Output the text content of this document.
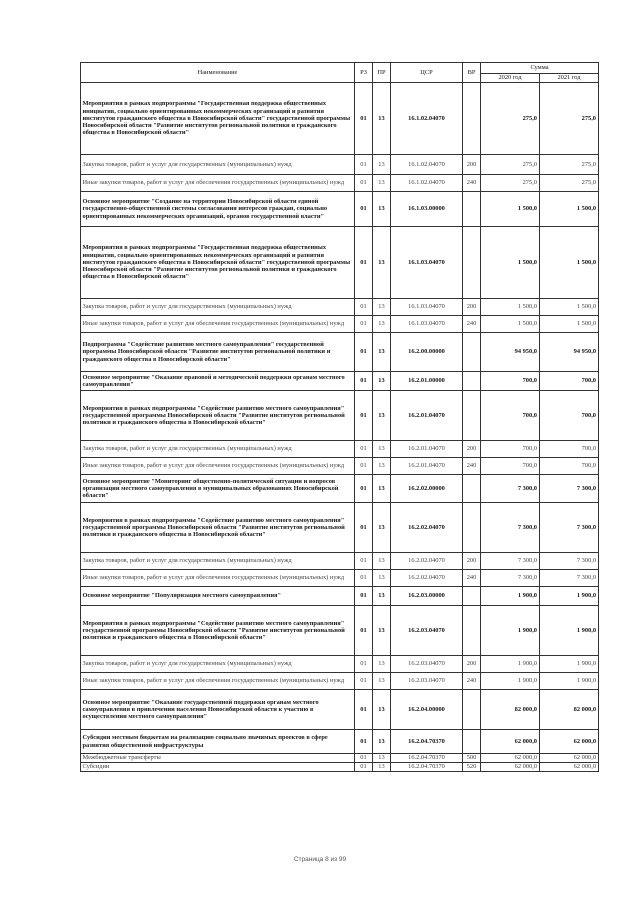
Наименование	РЗ	ПР	ЦСР	ВР	Сумма	
					2020 год	2021 год
Мероприятия в рамках подпрограммы "Государственная поддержка общественных инициатив, социально ориентированных некоммерческих организаций и развития институтов гражданского общества в Новосибирской области" государственной программы Новосибирской области "Развитие институтов региональной политики и гражданского общества в Новосибирской области"	01	13	16.1.02.04070		275,0	275,0
Закупка товаров, работ и услуг для государственных (муниципальных) нужд	01	13	16.1.02.04070	200	275,0	275,0
Иные закупки товаров, работ и услуг для обеспечения государственных (муниципальных) нужд	01	13	16.1.02.04070	240	275,0	275,0
Основное мероприятие "Создание на территории Новосибирской области единой государственно-общественной системы согласования интересов граждан, социально ориентированных некоммерческих организаций, органов государственной власти"	01	13	16.1.03.00000		1 500,0	1 500,0
Мероприятия в рамках подпрограммы "Государственная поддержка общественных инициатив, социально ориентированных некоммерческих организаций и развития институтов гражданского общества в Новосибирской области" государственной программы Новосибирской области "Развитие институтов региональной политики и гражданского общества в Новосибирской области"	01	13	16.1.03.04070		1 500,0	1 500,0
Закупка товаров, работ и услуг для государственных (муниципальных) нужд	01	13	16.1.03.04070	200	1 500,0	1 500,0
Иные закупки товаров, работ и услуг для обеспечения государственных (муниципальных) нужд	01	13	16.1.03.04070	240	1 500,0	1 500,0
Подпрограмма "Содействие развитию местного самоуправления" государственной программы Новосибирской области "Развитие институтов региональной политики и гражданского общества в Новосибирской области"	01	13	16.2.00.00000		94 950,0	94 950,0
Основное мероприятие "Оказание правовой и методической поддержки органам местного самоуправления"	01	13	16.2.01.00000		700,0	700,0
Мероприятия в рамках подпрограммы "Содействие развитию местного самоуправления" государственной программы Новосибирской области "Развитие институтов региональной политики и гражданского общества в Новосибирской области"	01	13	16.2.01.04070		700,0	700,0
Закупка товаров, работ и услуг для государственных (муниципальных) нужд	01	13	16.2.01.04070	200	700,0	700,0
Иные закупки товаров, работ и услуг для обеспечения государственных (муниципальных) нужд	01	13	16.2.01.04070	240	700,0	700,0
Основное мероприятие "Мониторинг общественно-политической ситуации и вопросов организации местного самоуправления в муниципальных образованиях Новосибирской области"	01	13	16.2.02.00000		7 300,0	7 300,0
Мероприятия в рамках подпрограммы "Содействие развитию местного самоуправления" государственной программы Новосибирской области "Развитие институтов региональной политики и гражданского общества в Новосибирской области"	01	13	16.2.02.04070		7 300,0	7 300,0
Закупка товаров, работ и услуг для государственных (муниципальных) нужд	01	13	16.2.02.04070	200	7 300,0	7 300,0
Иные закупки товаров, работ и услуг для обеспечения государственных (муниципальных) нужд	01	13	16.2.02.04070	240	7 300,0	7 300,0
Основное мероприятие "Популяризация местного самоуправления"	01	13	16.2.03.00000		1 900,0	1 900,0
Мероприятия в рамках подпрограммы "Содействие развитию местного самоуправления" государственной программы Новосибирской области "Развитие институтов региональной политики и гражданского общества в Новосибирской области"	01	13	16.2.03.04070		1 900,0	1 900,0
Закупка товаров, работ и услуг для государственных (муниципальных) нужд	01	13	16.2.03.04070	200	1 900,0	1 900,0
Иные закупки товаров, работ и услуг для обеспечения государственных (муниципальных) нужд	01	13	16.2.03.04070	240	1 900,0	1 900,0
Основное мероприятие "Оказание государственной поддержки органам местного самоуправления в привлечении населения Новосибирской области к участию в осуществлении местного самоуправления"	01	13	16.2.04.00000		82 000,0	82 000,0
Субсидии местным бюджетам на реализацию социально значимых проектов в сфере развития общественной инфраструктуры	01	13	16.2.04.70370		62 000,0	62 000,0
Межбюджетные трансферты	01	13	16.2.04.70370	500	62 000,0	62 000,0
Субсидии	01	13	16.2.04.70370	520	62 000,0	62 000,0
Страница 8 из 99
